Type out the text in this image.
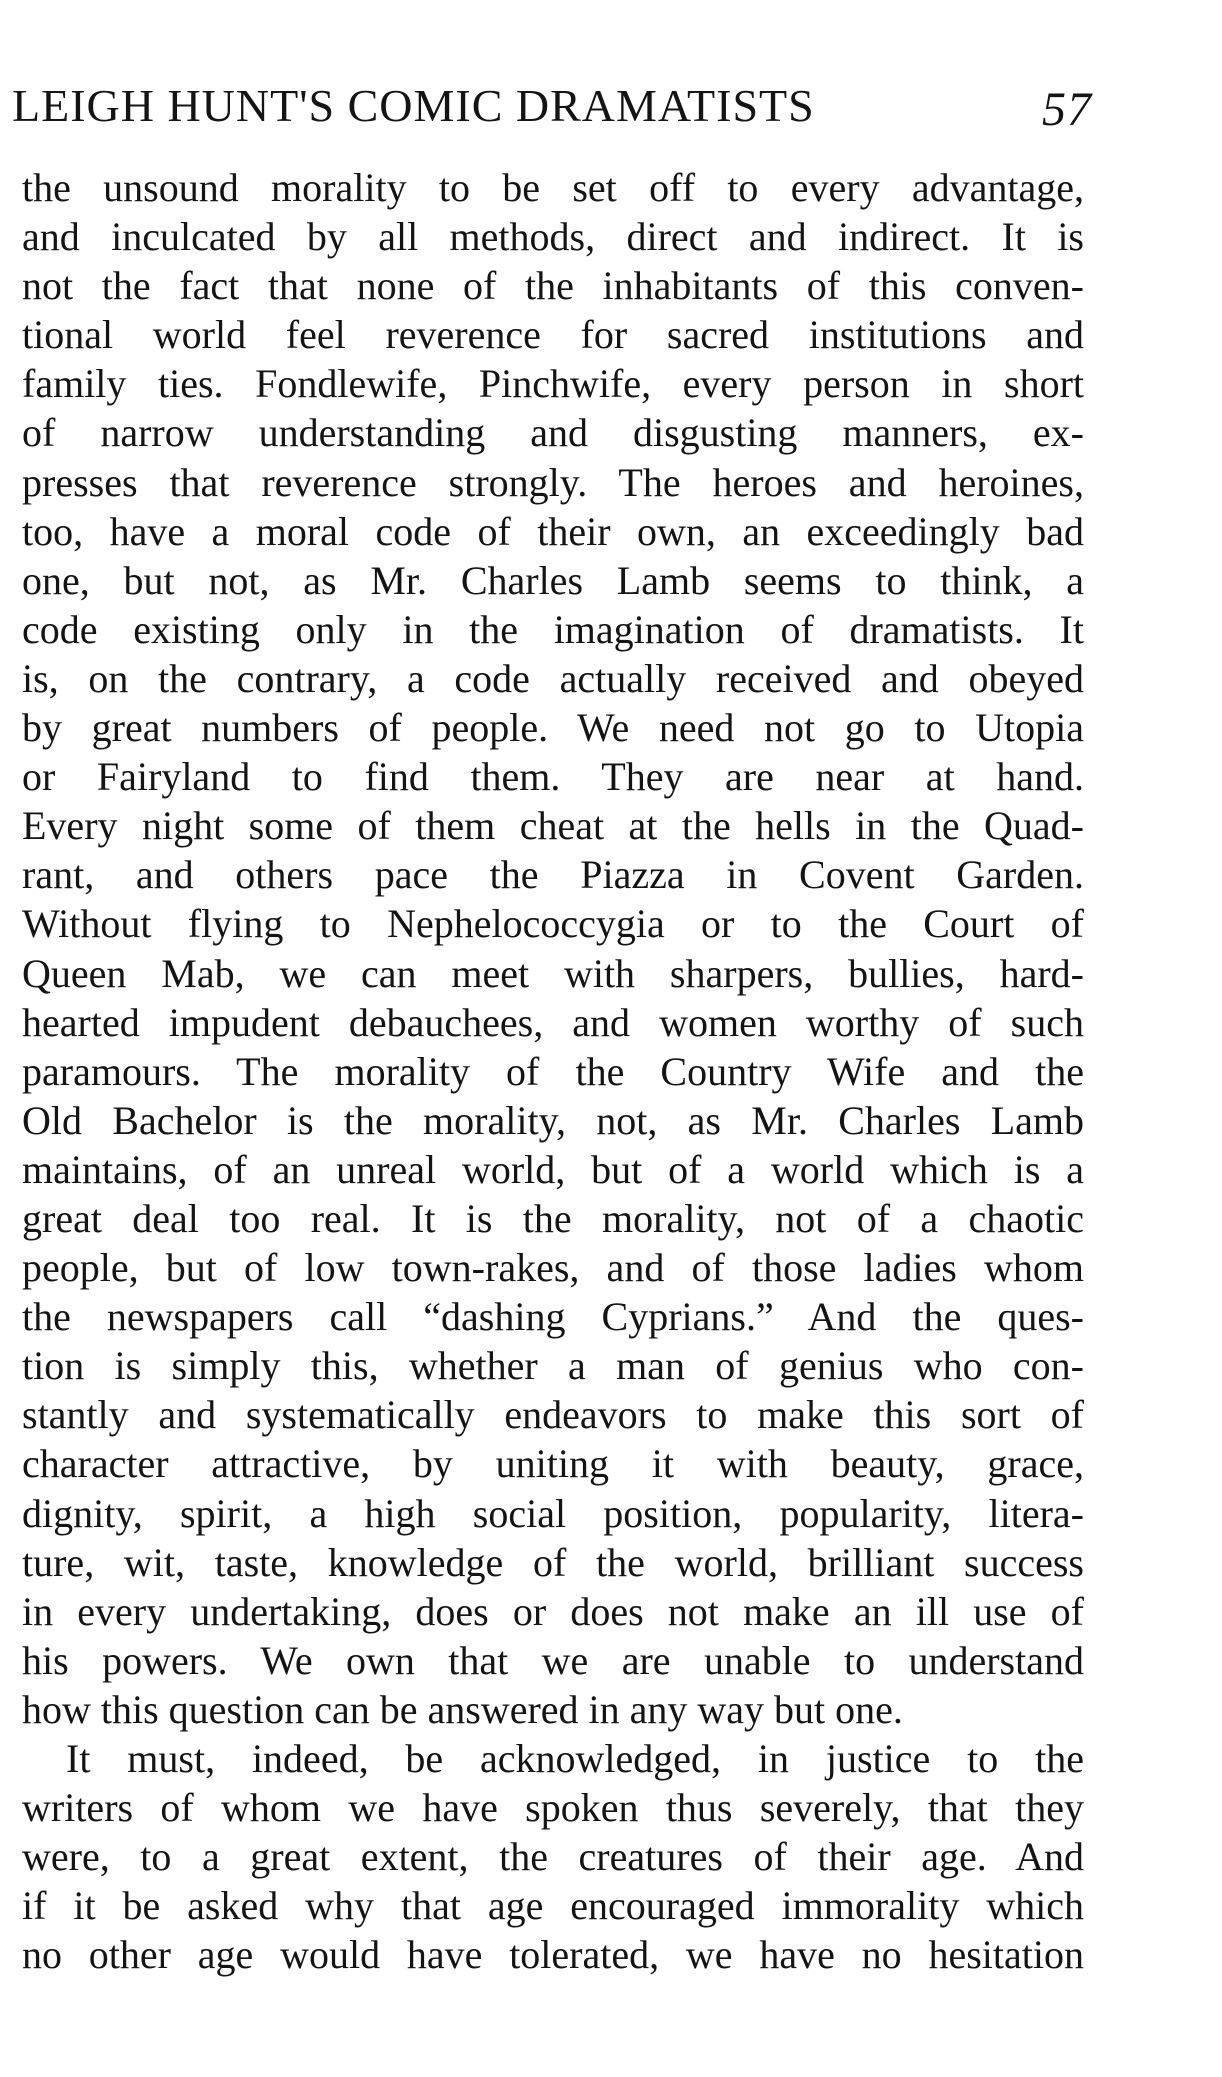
LEIGH HUNT'S COMIC DRAMATISTS	57
the unsound morality to be set off to every advantage,
and inculcated by all methods, direct and indirect. It is
not the fact that none of the inhabitants of this conven-
tional world feel reverence for sacred institutions and
family ties. Fondlewife, Pinchwife, every person in short
of narrow understanding and disgusting manners, ex-
presses that reverence strongly. The heroes and heroines,
too, have a moral code of their own, an exceedingly bad
one, but not, as Mr. Charles Lamb seems to think, a
code existing only in the imagination of dramatists. It
is, on the contrary, a code actually received and obeyed
by great numbers of people. We need not go to Utopia
or Fairyland to find them. They are near at hand.
Every night some of them cheat at the hells in the Quad-
rant, and others pace the Piazza in Covent Garden.
Without flying to Nephelococcygia or to the Court of
Queen Mab, we can meet with sharpers, bullies, hard-
hearted impudent debauchees, and women worthy of such
paramours. The morality of the Country Wife and the
Old Bachelor is the morality, not, as Mr. Charles Lamb
maintains, of an unreal world, but of a world which is a
great deal too real. It is the morality, not of a chaotic
people, but of low town-rakes, and of those ladies whom
the newspapers call “dashing Cyprians.” And the ques-
tion is simply this, whether a man of genius who con-
stantly and systematically endeavors to make this sort of
character attractive, by uniting it with beauty, grace,
dignity, spirit, a high social position, popularity, litera-
ture, wit, taste, knowledge of the world, brilliant success
in every undertaking, does or does not make an ill use of
his powers. We own that we are unable to understand
how this question can be answered in any way but one.
It must, indeed, be acknowledged, in justice to the
writers of whom we have spoken thus severely, that they
were, to a great extent, the creatures of their age. And
if it be asked why that age encouraged immorality which
no other age would have tolerated, we have no hesitation
